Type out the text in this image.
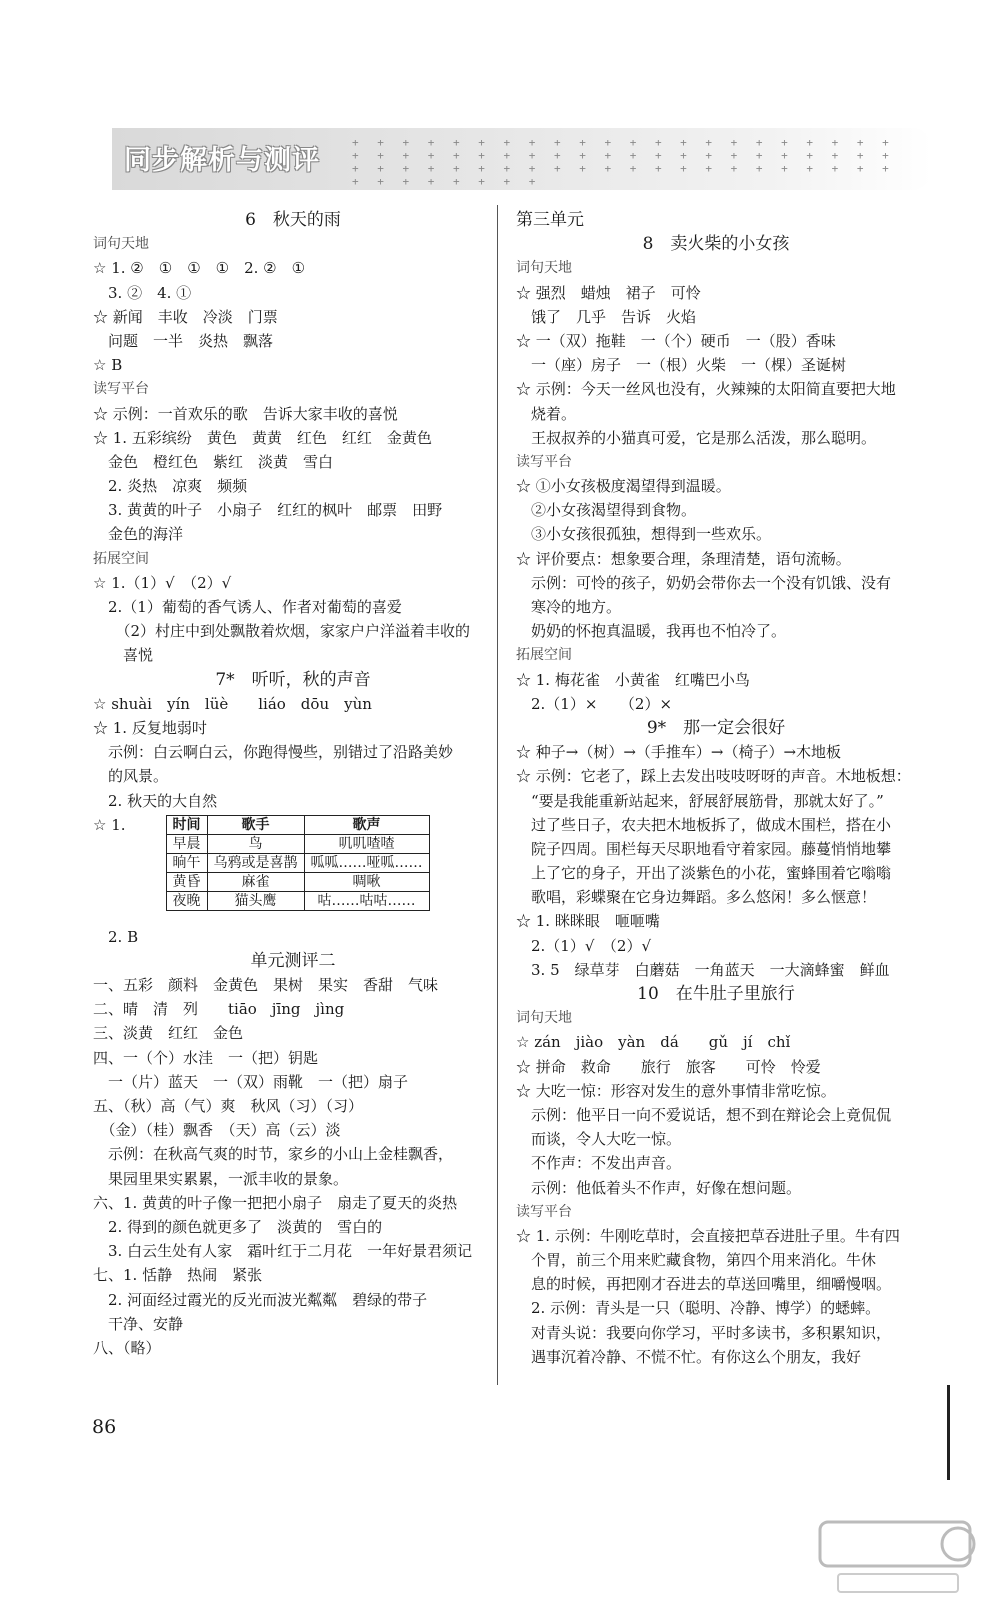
同步解析与测评
+ + + + + + + + + + + + + + + + + + + + + + + + + + + + + + + + + + + + + + + + + + + + + + + + + + + + + + + + + + + + + + + + + + + + + + + + + +
6　秋天的雨
词句天地
☆ 1. ②　①　①　①　2. ②　①
　3. ②　4. ①
☆ 新闻　丰收　冷淡　门票
　问题　一半　炎热　飘落
☆ B
读写平台
☆ 示例：一首欢乐的歌　告诉大家丰收的喜悦
☆ 1. 五彩缤纷　黄色　黄黄　红色　红红　金黄色
　金色　橙红色　紫红　淡黄　雪白
　2. 炎热　凉爽　频频
　3. 黄黄的叶子　小扇子　红红的枫叶　邮票　田野
　金色的海洋
拓展空间
☆ 1.（1）√　（2）√
　2.（1）葡萄的香气诱人、作者对葡萄的喜爱
　　（2）村庄中到处飘散着炊烟，家家户户洋溢着丰收的
　　喜悦
7*　听听，秋的声音
☆ shuài　yín　lüè　　liáo　dōu　yùn
☆ 1. 反复地弱吋
　示例：白云啊白云，你跑得慢些，别错过了沿路美妙
　的风景。
　2. 秋天的大自然
☆ 1.	时间	歌手	歌声
早晨	鸟	叽叽喳喳
晌午	乌鸦或是喜鹊	呱呱……哑呱……
黄昏	麻雀	啁啾
夜晚	猫头鹰	咕……咕咕……
　2. B
单元测评二
一、五彩　颜料　金黄色　果树　果实　香甜　气味
二、晴　清　列　　tiāo　jīng　jìng
三、淡黄　红红　金色
四、一（个）水洼　一（把）钥匙
　一（片）蓝天　一（双）雨靴　一（把）扇子
五、（秋）高（气）爽　秋风（习）（习）
　（金）（桂）飘香　（天）高（云）淡
　示例：在秋高气爽的时节，家乡的小山上金桂飘香，
　果园里果实累累，一派丰收的景象。
六、1. 黄黄的叶子像一把把小扇子　扇走了夏天的炎热
　2. 得到的颜色就更多了　淡黄的　雪白的
　3. 白云生处有人家　霜叶红于二月花　一年好景君须记
七、1. 恬静　热闹　紧张
　2. 河面经过霞光的反光而波光粼粼　碧绿的带子
　干净、安静
八、（略）
第三单元
8　卖火柴的小女孩
词句天地
☆ 强烈　蜡烛　裙子　可怜
　饿了　几乎　告诉　火焰
☆ 一（双）拖鞋　一（个）硬币　一（股）香味
　一（座）房子　一（根）火柴　一（棵）圣诞树
☆ 示例：今天一丝风也没有，火辣辣的太阳简直要把大地
　烧着。
　王叔叔养的小猫真可爱，它是那么活泼，那么聪明。
读写平台
☆ ①小女孩极度渴望得到温暖。
　②小女孩渴望得到食物。
　③小女孩很孤独，想得到一些欢乐。
☆ 评价要点：想象要合理，条理清楚，语句流畅。
　示例：可怜的孩子，奶奶会带你去一个没有饥饿、没有
　寒冷的地方。
　奶奶的怀抱真温暖，我再也不怕冷了。
拓展空间
☆ 1. 梅花雀　小黄雀　红嘴巴小鸟
　2.（1）×　　（2）×
9*　那一定会很好
☆ 种子→（树）→（手推车）→（椅子）→木地板
☆ 示例：它老了，踩上去发出吱吱呀呀的声音。木地板想：
　“要是我能重新站起来，舒展舒展筋骨，那就太好了。”
　过了些日子，农夫把木地板拆了，做成木围栏，搭在小
　院子四周。围栏每天尽职地看守着家园。藤蔓悄悄地攀
　上了它的身子，开出了淡紫色的小花，蜜蜂围着它嗡嗡
　歌唱，彩蝶聚在它身边舞蹈。多么悠闲！多么惬意！
☆ 1. 眯眯眼　咂咂嘴
　2.（1）√　（2）√
　3. 5　绿草芽　白蘑菇　一角蓝天　一大滴蜂蜜　鲜血
10　在牛肚子里旅行
词句天地
☆ zán　jiào　yàn　dá　　gǔ　jí　chǐ
☆ 拼命　救命　　旅行　旅客　　可怜　怜爱
☆ 大吃一惊：形容对发生的意外事情非常吃惊。
　示例：他平日一向不爱说话，想不到在辩论会上竟侃侃
　而谈，令人大吃一惊。
　不作声：不发出声音。
　示例：他低着头不作声，好像在想问题。
读写平台
☆ 1. 示例：牛刚吃草时，会直接把草吞进肚子里。牛有四
　个胃，前三个用来贮藏食物，第四个用来消化。牛休
　息的时候，再把刚才吞进去的草送回嘴里，细嚼慢咽。
　2. 示例：青头是一只（聪明、冷静、博学）的蟋蟀。
　对青头说：我要向你学习，平时多读书，多积累知识，
　遇事沉着冷静、不慌不忙。有你这么个朋友，我好
86
